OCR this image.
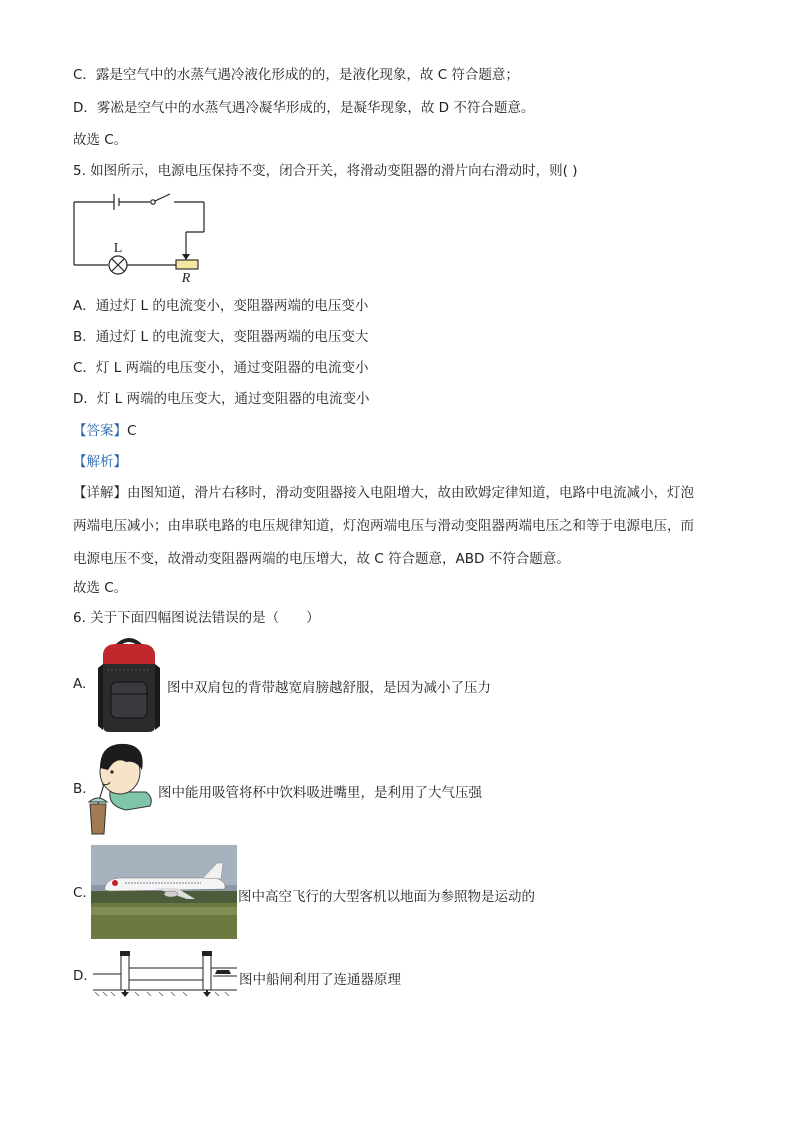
C．露是空气中的水蒸气遇冷液化形成的的，是液化现象，故 C 符合题意；
D．雾凇是空气中的水蒸气遇冷凝华形成的，是凝华现象，故 D 不符合题意。
故选 C。
5. 如图所示，电源电压保持不变，闭合开关，将滑动变阻器的滑片向右滑动时，则( )
L
R
A．通过灯 L 的电流变小，变阻器两端的电压变小
B．通过灯 L 的电流变大，变阻器两端的电压变大
C．灯 L 两端的电压变小，通过变阻器的电流变小
D．灯 L 两端的电压变大，通过变阻器的电流变小
【答案】C
【解析】
【详解】由图知道，滑片右移时，滑动变阻器接入电阻增大，故由欧姆定律知道，电路中电流减小，灯泡
两端电压减小；由串联电路的电压规律知道，灯泡两端电压与滑动变阻器两端电压之和等于电源电压，而
电源电压不变，故滑动变阻器两端的电压增大，故 C 符合题意，ABD 不符合题意。
故选 C。
6. 关于下面四幅图说法错误的是（　　）
A.	图中双肩包的背带越宽肩膀越舒服，是因为减小了压力
B.	图中能用吸管将杯中饮料吸进嘴里，是利用了大气压强
C.	图中高空飞行的大型客机以地面为参照物是运动的
D.	图中船闸利用了连通器原理
